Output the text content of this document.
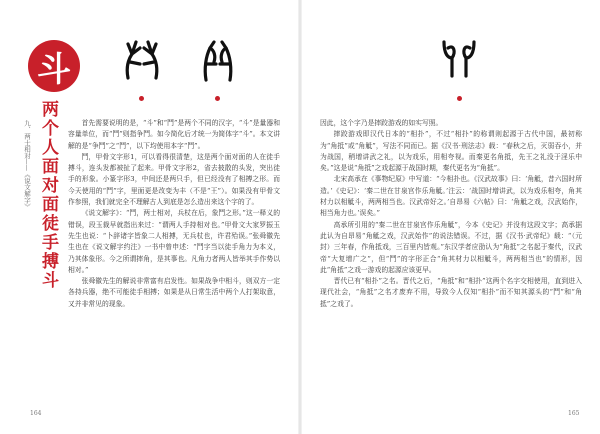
斗
两个人面对面徒手搏斗
九、两士相对
——《说文解字》

首先需要说明的是，“斗”和“鬥”是两个不同的汉字，“斗”是量器和容量单位，而“鬥”则指争鬥。如今简化后才统一为简体字“斗”。本文讲解的是“争鬥”之“鬥”，以下均使用本字“鬥”。

鬥，甲骨文字形1，可以看得很清楚，这是两个面对面的人在徒手搏斗，连头发都被扯了起来。甲骨文字形2，省去披散的头发，突出徒手的形象。小篆字形3，中间还是两只手，但已经没有了相搏之形。而今天使用的“鬥”字，里面更是改变为丰（不是“王”）。如果没有甲骨文作参照，我们就完全不理解古人到底是怎么造出来这个字的了。

《说文解字》：“鬥，两士相对，兵杖在后，象鬥之形。”这一释义的错误，段玉裁早就指出来过：“谓两人手持相对也。”甲骨文大家罗振玉先生也说：“卜辞诸字皆象二人相搏，无兵杖也，许君殆误。”张舜徽先生也在《说文解字约注》一书中曾申述：“鬥字当以徒手角力为本义，乃其体象形。今之所谓摔角，是其事也。凡角力者两人皆举其手作势以相对。”

张舜徽先生的解说非常富有启发性。如果战争中相斗，则双方一定各持兵器，绝不可能徒手相搏；如果是从日常生活中两个人打架取意，又并非常见的现象。

164

因此，这个字乃是摔跤游戏的如实写照。

摔跤游戏即汉代日本的“相扑”，不过“相扑”的称谓则起源于古代中国，最初称为“角抵”或“角觝”，写法不同而已。据《汉书·刑法志》载：“春秋之后，灭弱吞小，并为战国，稍增讲武之礼，以为戏乐，用相夸视。而秦更名角抵，先王之礼没于淫乐中矣。”这是说“角抵”之戏起源于战国时期，秦代更名为“角抵”。

北宋高承在《事物纪原》中写道：“今相扑也。《汉武故事》曰：‘角觝，昔六国时所造。’《史记》：‘秦二世在甘泉宫作乐角觝。’注云：‘战国时增讲武，以为戏乐相夸，角其材力以相觝斗，两两相当也。汉武帝好之。’自昂易《六帖》曰：‘角觝之戏，汉武始作，相当角力也。’误矣。”

高承所引用的“秦二世在甘泉宫作乐角觝”，今本《史记》并没有这段文字；高承据此认为自昂易“角觝之戏，汉武始作”的说法错误。不过，据《汉书·武帝纪》载：“（元封）三年春，作角抵戏，三百里内皆观。”东汉学者应劭认为“角抵”之名起于秦代，汉武帝“大复增广之”，但“鬥”的字形正合“角其材力以相觝斗，两两相当也”的情形，因此“角抵”之戏一游戏的起源应该更早。

晋代已有“相扑”之名。晋代之后，“角抵”和“相扑”这两个名字交相使用，直到进入现代社会，“角抵”之名才废弃不用，导致今人仅知“相扑”而不知其源头的“鬥”和“角抵”之戏了。

165
